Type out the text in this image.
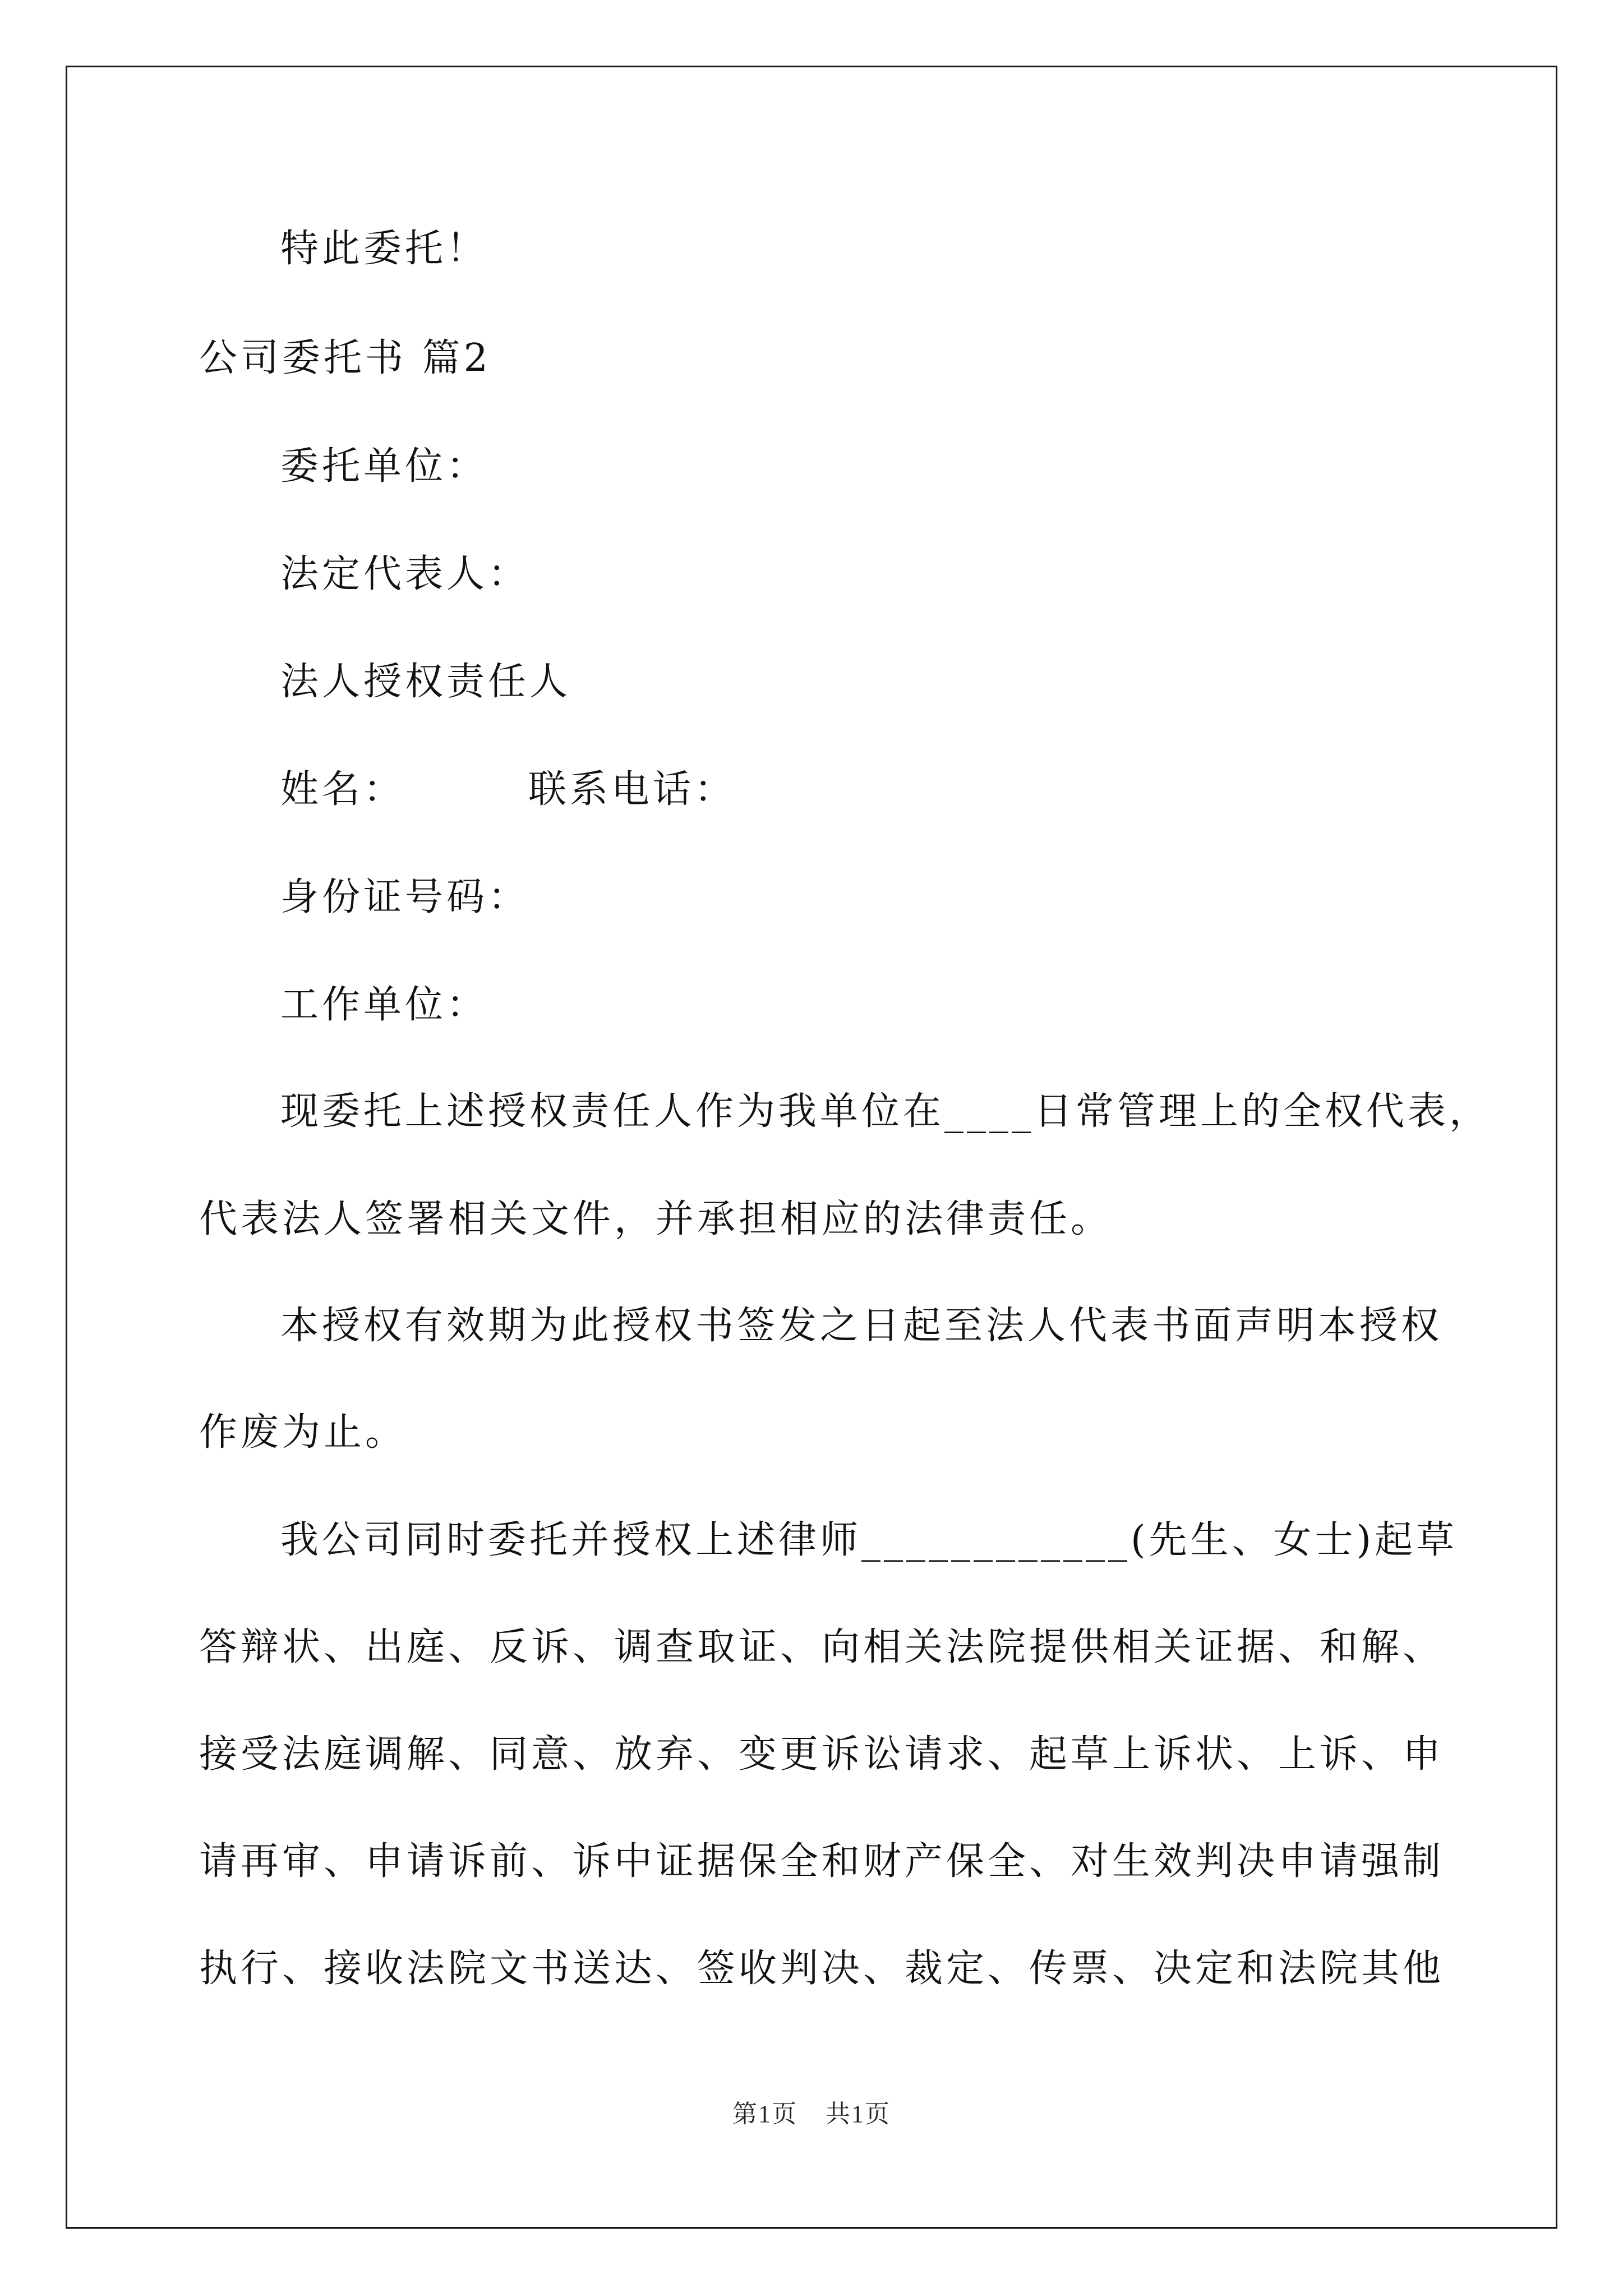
特此委托！
公司委托书 篇2
委托单位：
法定代表人：
法人授权责任人
姓名：	联系电话：
身份证号码：
工作单位：
现委托上述授权责任人作为我单位在____日常管理上的全权代表，
代表法人签署相关文件，并承担相应的法律责任。
本授权有效期为此授权书签发之日起至法人代表书面声明本授权
作废为止。
我公司同时委托并授权上述律师____________(先生、女士)起草
答辩状、出庭、反诉、调查取证、向相关法院提供相关证据、和解、
接受法庭调解、同意、放弃、变更诉讼请求、起草上诉状、上诉、申
请再审、申请诉前、诉中证据保全和财产保全、对生效判决申请强制
执行、接收法院文书送达、签收判决、裁定、传票、决定和法院其他
第1页 共1页
